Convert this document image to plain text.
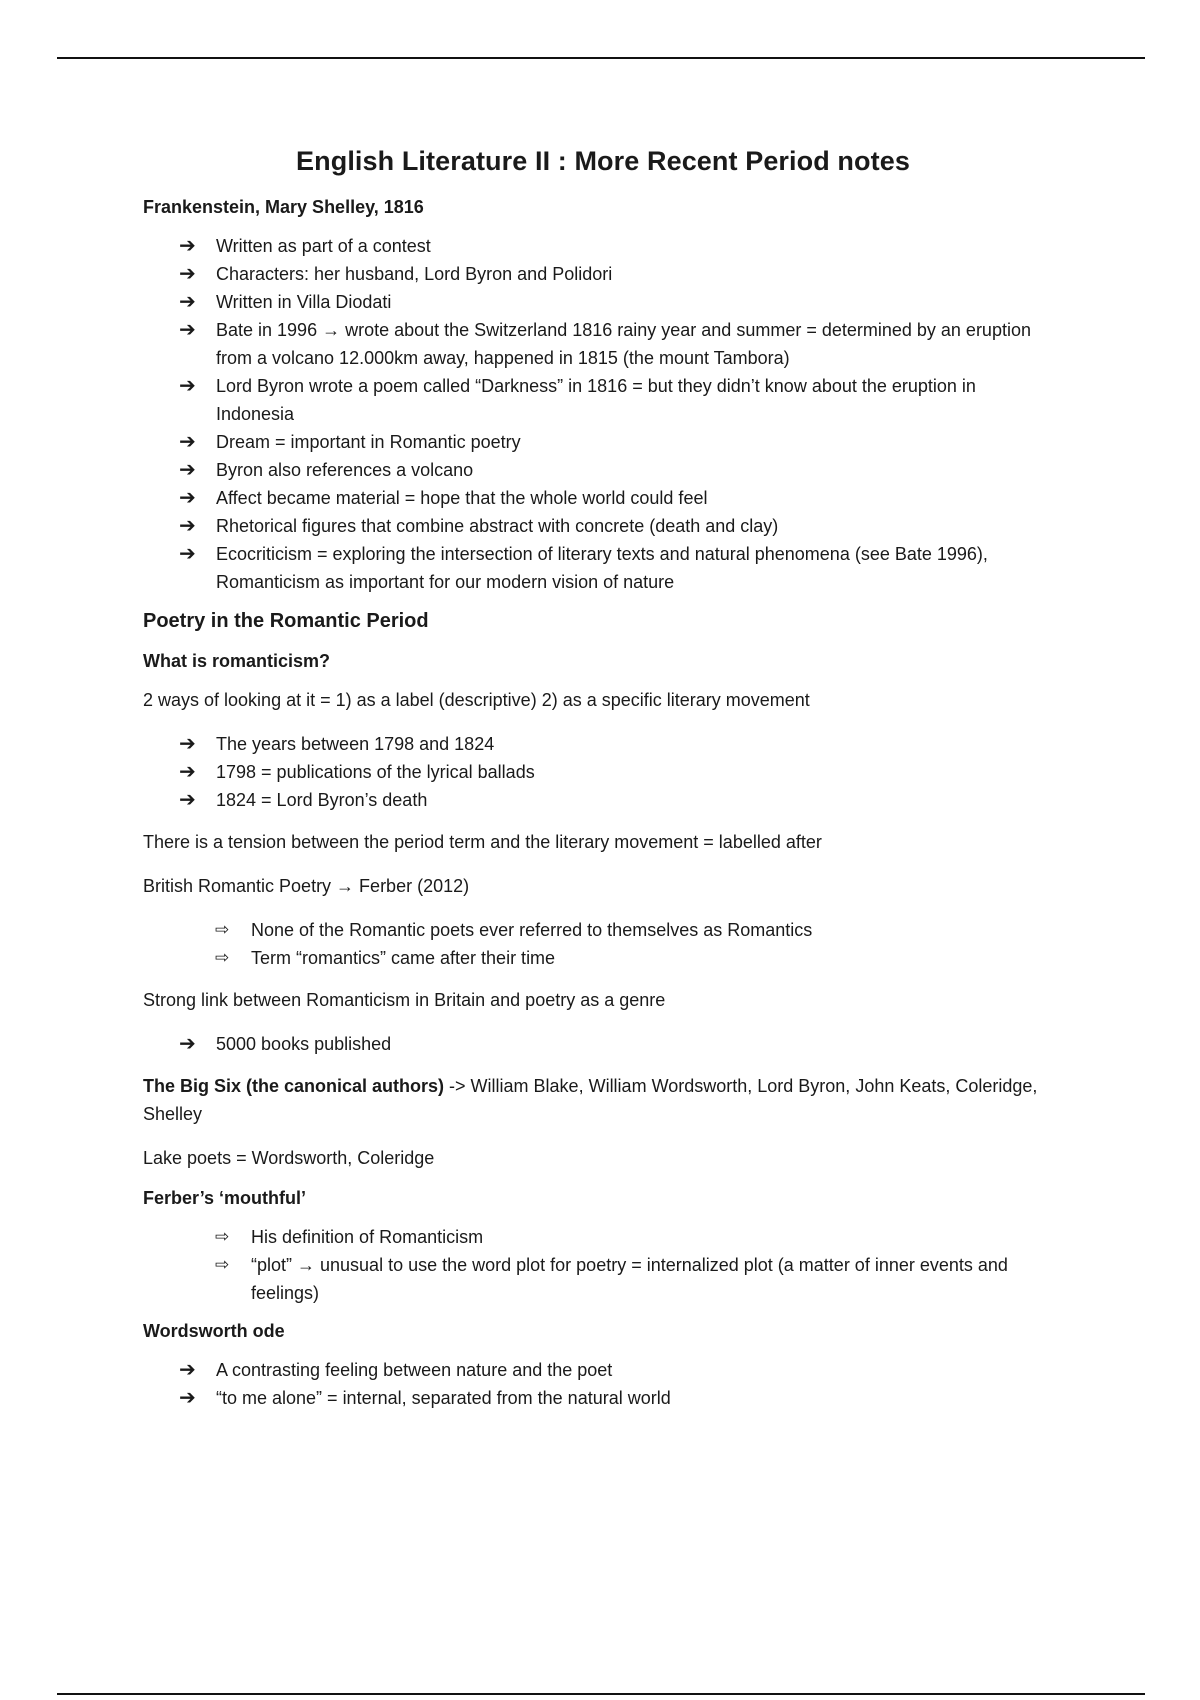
English Literature II : More Recent Period notes
Frankenstein, Mary Shelley, 1816
➔ Written as part of a contest
➔ Characters: her husband, Lord Byron and Polidori
➔ Written in Villa Diodati
➔ Bate in 1996 → wrote about the Switzerland 1816 rainy year and summer = determined by an eruption from a volcano 12.000km away, happened in 1815 (the mount Tambora)
➔ Lord Byron wrote a poem called “Darkness” in 1816 = but they didn’t know about the eruption in Indonesia
➔ Dream = important in Romantic poetry
➔ Byron also references a volcano
➔ Affect became material = hope that the whole world could feel
➔ Rhetorical figures that combine abstract with concrete (death and clay)
➔ Ecocriticism = exploring the intersection of literary texts and natural phenomena (see Bate 1996), Romanticism as important for our modern vision of nature
Poetry in the Romantic Period
What is romanticism?
2 ways of looking at it = 1) as a label (descriptive) 2) as a specific literary movement
➔ The years between 1798 and 1824
➔ 1798 = publications of the lyrical ballads
➔ 1824 = Lord Byron’s death
There is a tension between the period term and the literary movement = labelled after
British Romantic Poetry → Ferber (2012)
⇨ None of the Romantic poets ever referred to themselves as Romantics
⇨ Term “romantics” came after their time
Strong link between Romanticism in Britain and poetry as a genre
➔ 5000 books published
The Big Six (the canonical authors) -> William Blake, William Wordsworth, Lord Byron, John Keats, Coleridge, Shelley
Lake poets = Wordsworth, Coleridge
Ferber’s ‘mouthful’
⇨ His definition of Romanticism
⇨ “plot” → unusual to use the word plot for poetry = internalized plot (a matter of inner events and feelings)
Wordsworth ode
➔ A contrasting feeling between nature and the poet
➔ “to me alone” = internal, separated from the natural world
